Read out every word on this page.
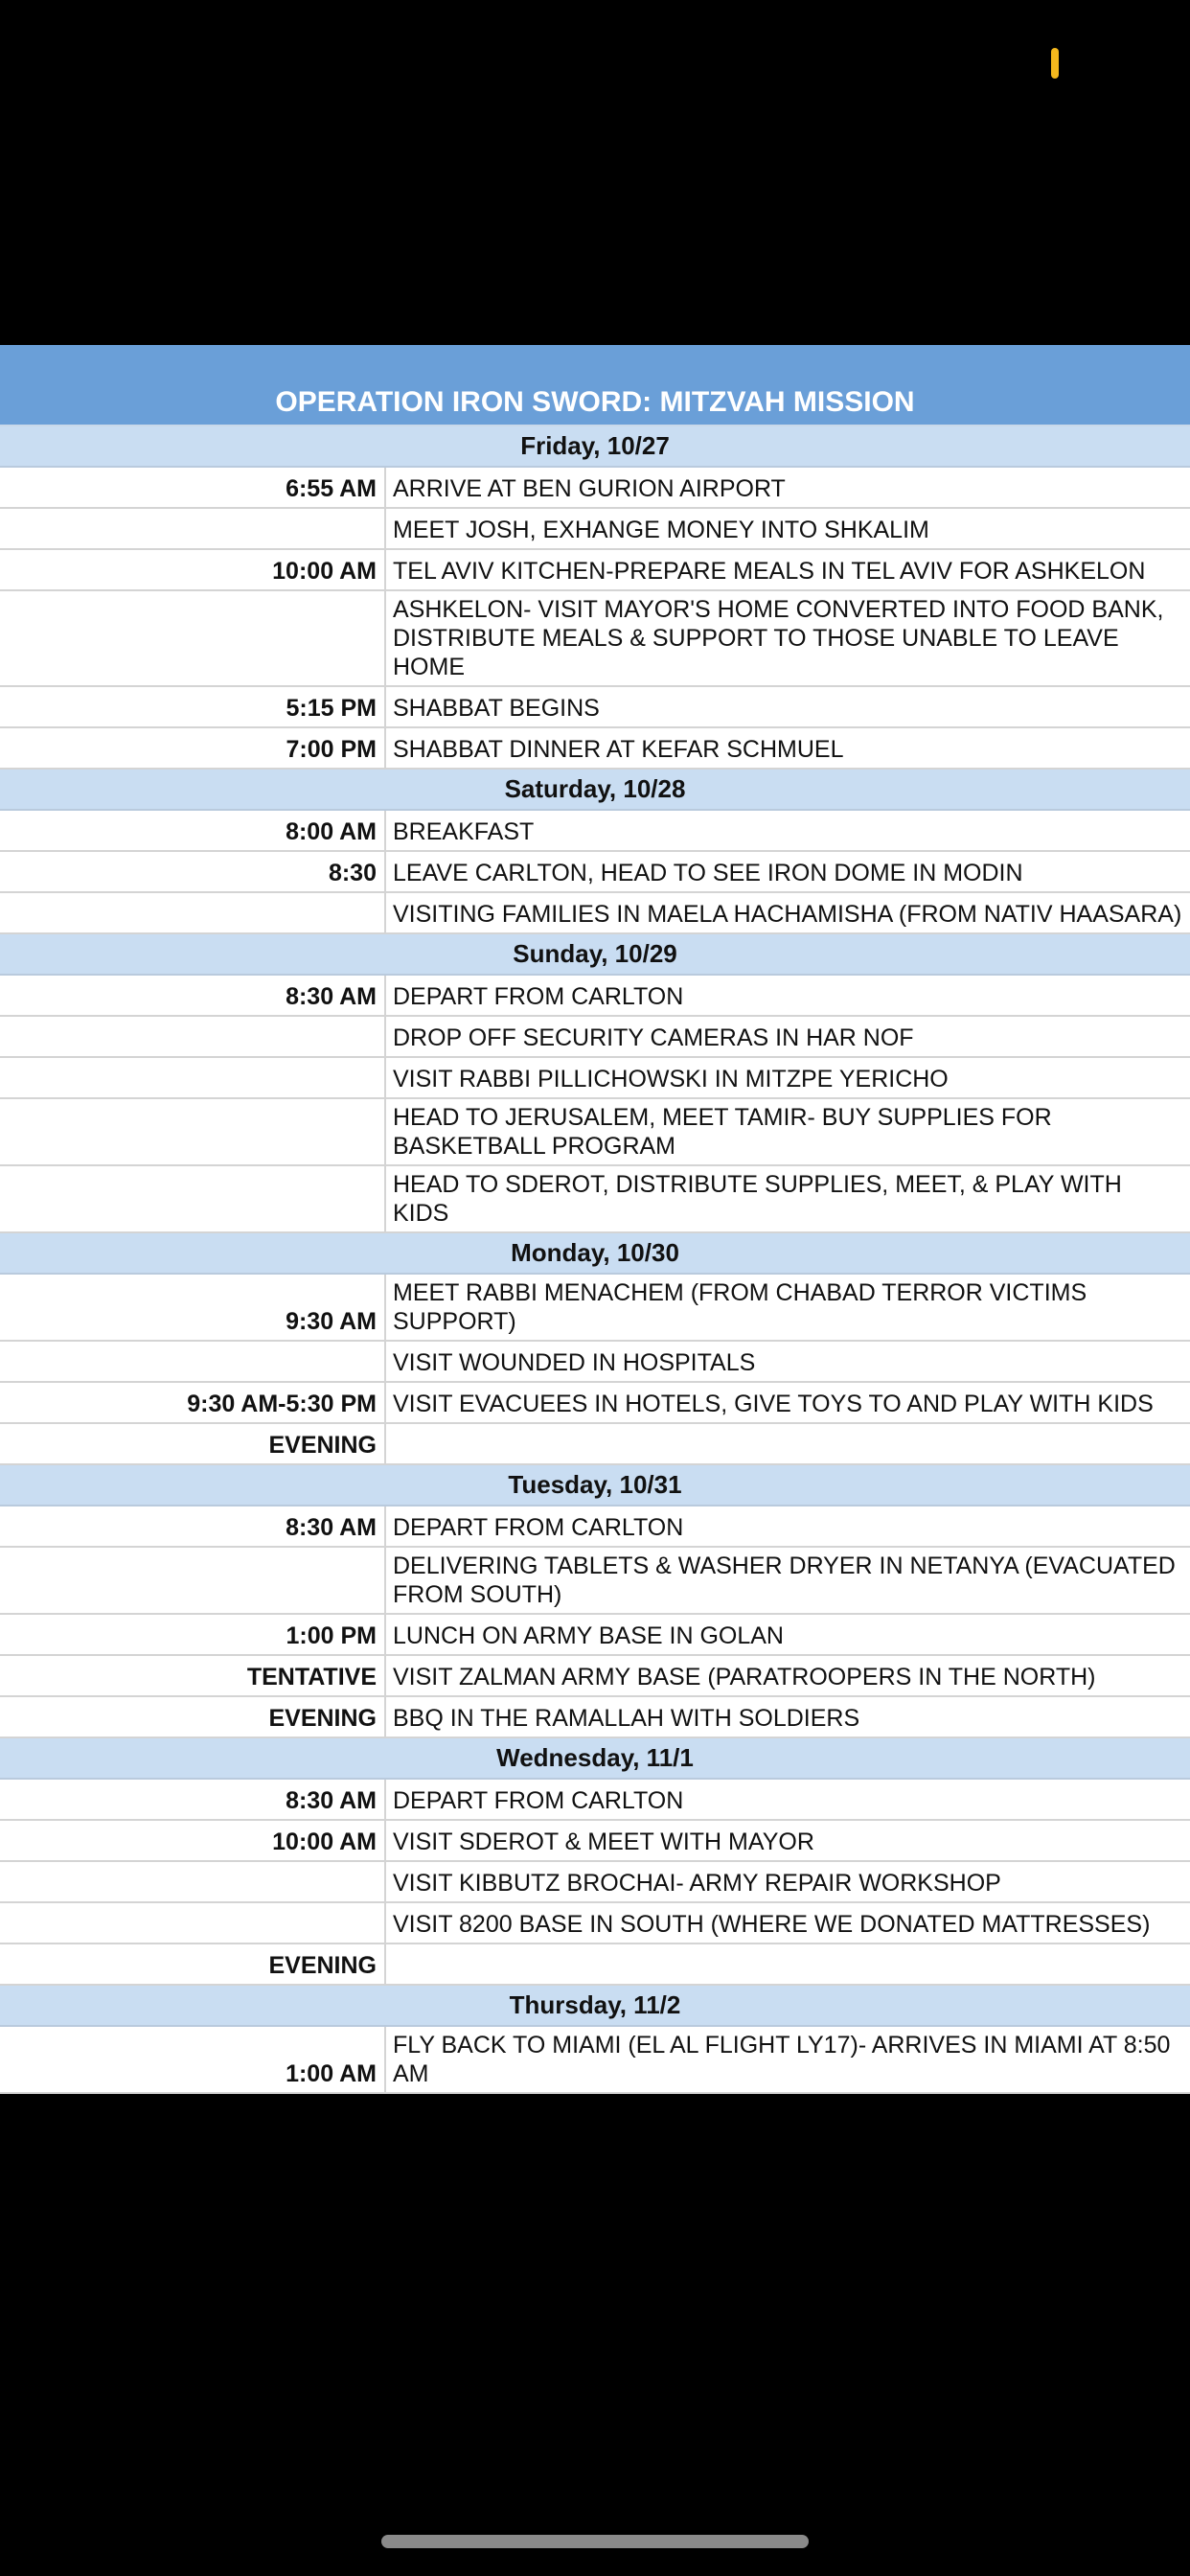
OPERATION IRON SWORD: MITZVAH MISSION
Friday, 10/27
6:55 AM ARRIVE AT BEN GURION AIRPORT
MEET JOSH, EXHANGE MONEY INTO SHKALIM
10:00 AM TEL AVIV KITCHEN-PREPARE MEALS IN TEL AVIV FOR ASHKELON
ASHKELON- VISIT MAYOR'S HOME CONVERTED INTO FOOD BANK, DISTRIBUTE MEALS & SUPPORT TO THOSE UNABLE TO LEAVE HOME
5:15 PM SHABBAT BEGINS
7:00 PM SHABBAT DINNER AT KEFAR SCHMUEL
Saturday, 10/28
8:00 AM BREAKFAST
8:30 LEAVE CARLTON, HEAD TO SEE IRON DOME IN MODIN
VISITING FAMILIES IN MAELA HACHAMISHA (FROM NATIV HAASARA)
Sunday, 10/29
8:30 AM DEPART FROM CARLTON
DROP OFF SECURITY CAMERAS IN HAR NOF
VISIT RABBI PILLICHOWSKI IN MITZPE YERICHO
HEAD TO JERUSALEM, MEET TAMIR- BUY SUPPLIES FOR BASKETBALL PROGRAM
HEAD TO SDEROT, DISTRIBUTE SUPPLIES, MEET, & PLAY WITH KIDS
Monday, 10/30
9:30 AM
MEET RABBI MENACHEM (FROM CHABAD TERROR VICTIMS SUPPORT)
VISIT WOUNDED IN HOSPITALS
9:30 AM-5:30 PM VISIT EVACUEES IN HOTELS, GIVE TOYS TO AND PLAY WITH KIDS
EVENING
Tuesday, 10/31
8:30 AM DEPART FROM CARLTON
DELIVERING TABLETS & WASHER DRYER IN NETANYA (EVACUATED FROM SOUTH)
1:00 PM LUNCH ON ARMY BASE IN GOLAN
TENTATIVE VISIT ZALMAN ARMY BASE (PARATROOPERS IN THE NORTH)
EVENING BBQ IN THE RAMALLAH WITH SOLDIERS
Wednesday, 11/1
8:30 AM DEPART FROM CARLTON
10:00 AM VISIT SDEROT & MEET WITH MAYOR
VISIT KIBBUTZ BROCHAI- ARMY REPAIR WORKSHOP
VISIT 8200 BASE IN SOUTH (WHERE WE DONATED MATTRESSES)
EVENING
Thursday, 11/2
1:00 AM
FLY BACK TO MIAMI (EL AL FLIGHT LY17)- ARRIVES IN MIAMI AT 8:50 AM
